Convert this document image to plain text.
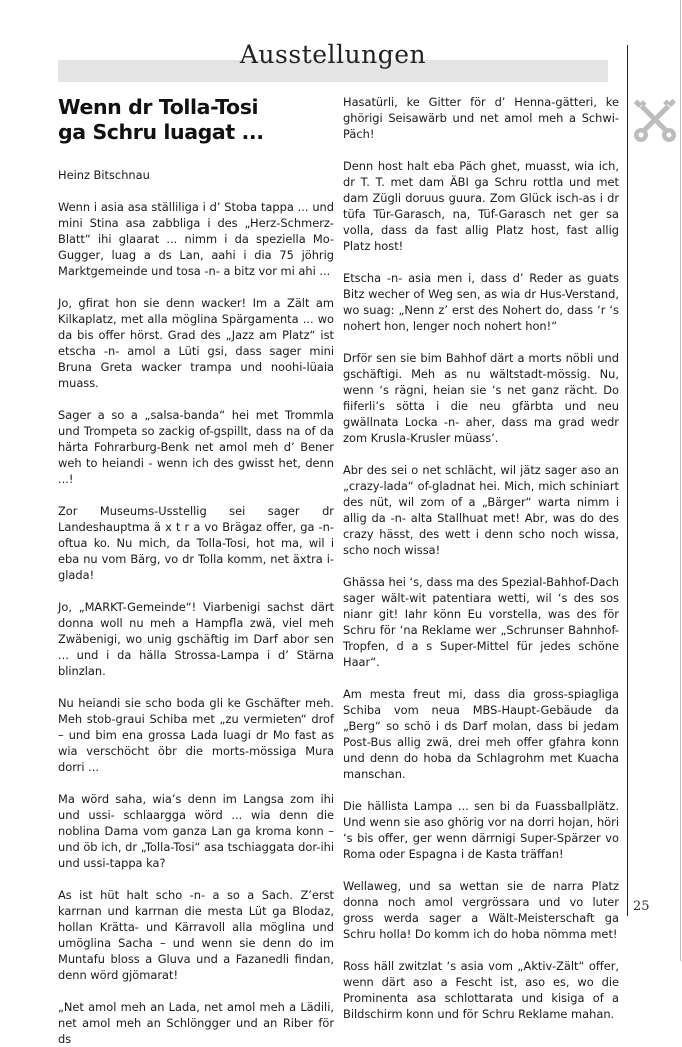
Ausstellungen
Wenn dr Tolla-Tosi
ga Schru luagat ...
Heinz Bitschnau

Wenn i asia asa ställiliga i d’ Stoba tappa ... und mini Stina asa zabbliga i des „Herz-Schmerz-Blatt“ ihi glaarat ... nimm i da speziella Mo-Gugger, luag a ds Lan, aahi i dia 75 jöhrig Marktgemeinde und tosa -n- a bitz vor mi ahi ...

Jo, gfirat hon sie denn wacker! Im a Zält am Kilkaplatz, met alla möglina Spärgamenta ... wo da bis offer hörst. Grad des „Jazz am Platz“ ist etscha -n- amol a Lüti gsi, dass sager mini Bruna Greta wacker trampa und noohi-lüaia muass.

Sager a so a „salsa-banda“ hei met Trommla und Trompeta so zackig of-gspillt, dass na of da härta Fohrarburg-Benk net amol meh d’ Bener weh to heiandi - wenn ich des gwisst het, denn ...!

Zor Museums-Usstellig sei sager dr Landeshauptma ä x t r a vo Brägaz offer, ga -n- oftua ko. Nu mich, da Tolla-Tosi, hot ma, wil i eba nu vom Bärg, vo dr Tolla komm, net äxtra i-glada!

Jo, „MARKT-Gemeinde“! Viarbenigi sachst därt donna woll nu meh a Hampfla zwä, viel meh Zwäbenigi, wo unig gschäftig im Darf abor sen ... und i da hälla Strossa-Lampa i d’ Stärna blinzlan.

Nu heiandi sie scho boda gli ke Gschäfter meh. Meh stob-graui Schiba met „zu vermieten“ drof – und bim ena grossa Lada luagi dr Mo fast as wia verschöcht öbr die morts-mössiga Mura dorri ...

Ma wörd saha, wia’s denn im Langsa zom ihi und ussi- schlaargga wörd ... wia denn die noblina Dama vom ganza Lan ga kroma konn – und öb ich, dr „Tolla-Tosi“ asa tschiaggata dor-ihi und ussi-tappa ka?

As ist hüt halt scho -n- a so a Sach. Z’erst karrnan und karrnan die mesta Lüt ga Blodaz, hollan Krätta- und Kärravoll alla möglina und umöglina Sacha – und wenn sie denn do im Muntafu bloss a Gluva und a Fazanedli findan, denn wörd gjömarat!

„Net amol meh an Lada, net amol meh a Lädili, net amol meh an Schlöngger und an Riber för ds

Hasatürli, ke Gitter för d’ Henna-gätteri, ke ghörigi Seisawärb und net amol meh a Schwi-Päch!

Denn host halt eba Päch ghet, muasst, wia ich, dr T. T. met dam ÄBI ga Schru rottla und met dam Zügli doruus guura. Zom Glück isch-as i dr tüfa Tür-Garasch, na, Tüf-Garasch net ger sa volla, dass da fast allig Platz host, fast allig Platz host!

Etscha -n- asia men i, dass d’ Reder as guats Bitz wecher of Weg sen, as wia dr Hus-Verstand, wo suag: „Nenn z’ erst des Nohert do, dass ‘r ‘s nohert hon, lenger noch nohert hon!“

Drför sen sie bim Bahhof därt a morts nöbli und gschäftigi. Meh as nu wältstadt-mössig. Nu, wenn ‘s rägni, heian sie ‘s net ganz rächt. Do fiiferli’s sötta i die neu gfärbta und neu gwällnata Locka -n- aher, dass ma grad wedr zom Krusla-Krusler müass’.

Abr des sei o net schlächt, wil jätz sager aso an „crazy-lada“ of-gladnat hei. Mich, mich schiniart des nüt, wil zom of a „Bärger“ warta nimm i allig da -n- alta Stallhuat met! Abr, was do des crazy hässt, des wett i denn scho noch wissa, scho noch wissa!

Ghässa hei ‘s, dass ma des Spezial-Bahhof-Dach sager wält-wit patentiara wetti, wil ‘s des sos nianr git! Iahr könn Eu vorstella, was des för Schru för ‘na Reklame wer „Schrunser Bahnhof-Tropfen, d a s Super-Mittel für jedes schöne Haar“.

Am mesta freut mi, dass dia gross-spiagliga Schiba vom neua MBS-Haupt-Gebäude da „Berg“ so schö i ds Darf molan, dass bi jedam Post-Bus allig zwä, drei meh offer gfahra konn und denn do hoba da Schlagrohm met Kuacha manschan.

Die hällista Lampa ... sen bi da Fuassballplätz. Und wenn sie aso ghörig vor na dorri hojan, höri ‘s bis offer, ger wenn därrnigi Super-Spärzer vo Roma oder Espagna i de Kasta träffan!

Wellaweg, und sa wettan sie de narra Platz donna noch amol vergrössara und vo luter gross werda sager a Wält-Meisterschaft ga Schru holla! Do komm ich do hoba nömma met!

Ross häll zwitzlat ‘s asia vom „Aktiv-Zält“ offer, wenn därt aso a Fescht ist, aso es, wo die Prominenta asa schlottarata und kisiga of a Bildschirm konn und för Schru Reklame mahan.

25
